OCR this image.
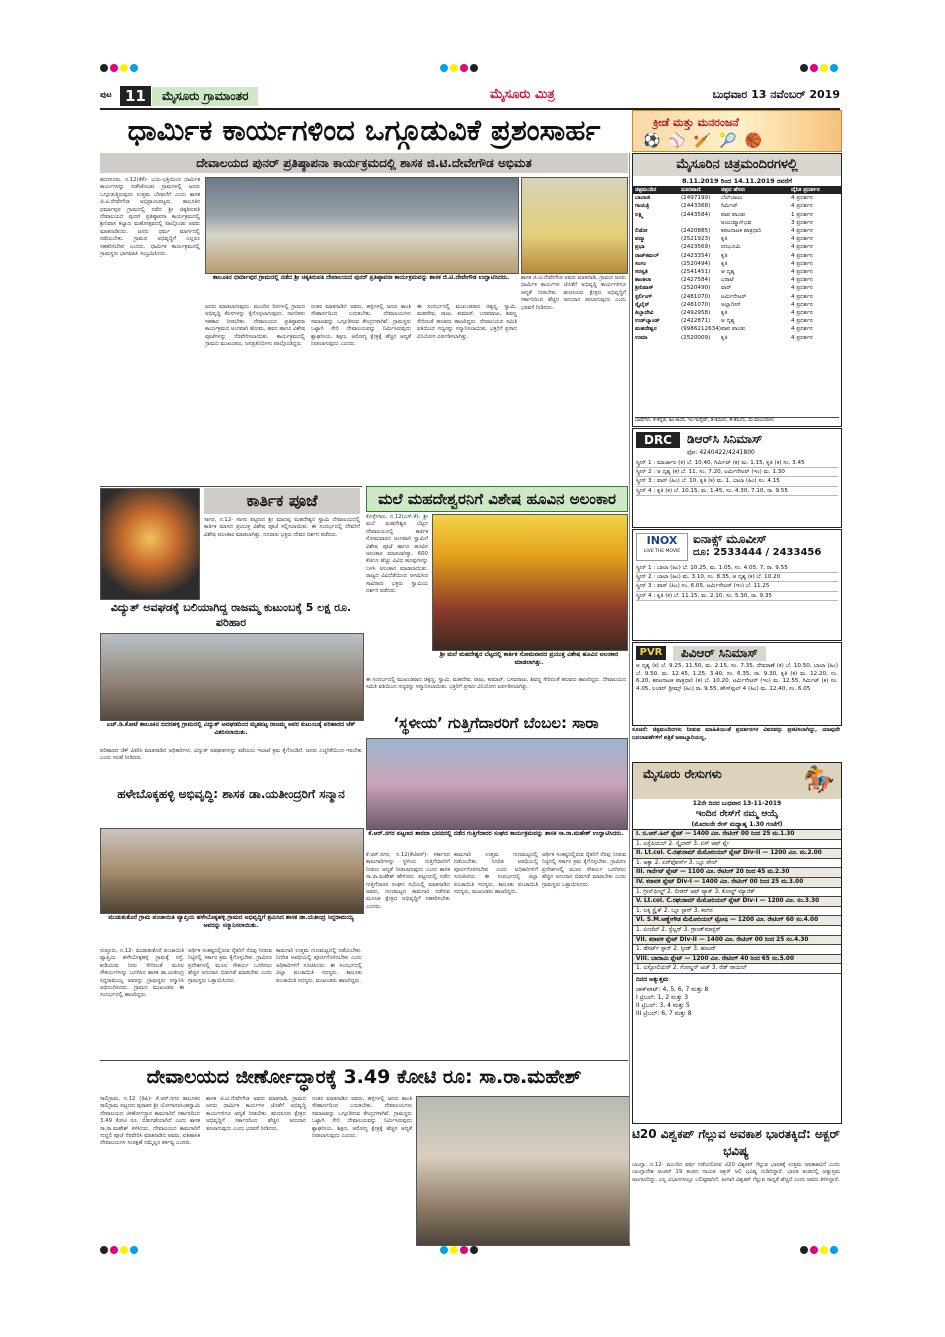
ಪುಟ 11	ಮೈಸೂರು ಗ್ರಾಮಾಂತರ	ಮೈಸೂರು ಮಿತ್ರ	ಬುಧವಾರ 13 ನವೆಂಬರ್ 2019
ಧಾರ್ಮಿಕ ಕಾರ್ಯಗಳಿಂದ ಒಗ್ಗೂಡುವಿಕೆ ಪ್ರಶಂಸಾರ್ಹ	ಕ್ರೀಡೆ ಮತ್ತು ಮನರಂಜನೆ
⚽⚾🏏🎾🏀
ದೇವಾಲಯದ ಪುನರ್ ಪ್ರತಿಷ್ಠಾಪನಾ ಕಾರ್ಯಕ್ರಮದಲ್ಲಿ ಶಾಸಕ ಜಿ.ಟಿ.ದೇವೇಗೌಡ ಅಭಿಮತ
ಹುಣಸೂರು, ನ.12(ಕೆಕೆ)- ಭಯ-ಭಕ್ತಿಯಿಂದ ಧಾರ್ಮಿಕ ಕಾರ್ಯಗಳನ್ನು ನಡೆಸಿಕೊಂಡು ಗ್ರಾಮಗಳಲ್ಲಿ ಜನರು ಒಗ್ಗೂಡುತ್ತಿರುವುದು ಉತ್ತಮ ಬೆಳವಣಿಗೆ ಎಂದು ಶಾಸಕ ಜಿ.ಟಿ.ದೇವೇಗೌಡ ಅಭಿಪ್ರಾಯಪಟ್ಟರು. ತಾಲೂಕಿನ ಧರ್ಮಾಪುರ ಗ್ರಾಮದಲ್ಲಿ ನಡೆದ ಶ್ರೀ ಚಿಕ್ಕತಿರುಪತಿ ದೇವಾಲಯದ ಪುನರ್ ಪ್ರತಿಷ್ಠಾಪನಾ ಕಾರ್ಯಕ್ರಮದಲ್ಲಿ ಶ್ರೀನಿವಾಸ ಕಲ್ಯಾಣ ಮಹೋತ್ಸವದಲ್ಲಿ ಪಾಲ್ಗೊಂಡು ಅವರು ಮಾತನಾಡಿದರು. ಜನರು ಧರ್ಮ ಮಾರ್ಗದಲ್ಲಿ ನಡೆಯಬೇಕು. ಗ್ರಾಮದ ಅಭಿವೃದ್ಧಿಗೆ ಎಲ್ಲರೂ ಸಹಕರಿಸಬೇಕು ಎಂದರು. ಧಾರ್ಮಿಕ ಕಾರ್ಯಕ್ರಮದಲ್ಲಿ ಗ್ರಾಮಸ್ಥರು ಭಾಗವಹಿಸಿ ಸಂಭ್ರಮಿಸಿದರು.
ತಾಲೂಕಿನ ಧರ್ಮಾಪುರ ಗ್ರಾಮದಲ್ಲಿ ನಡೆದ ಶ್ರೀ ಚಿಕ್ಕತಿರುಪತಿ ದೇವಾಲಯದ ಪುನರ್ ಪ್ರತಿಷ್ಠಾಪನಾ ಕಾರ್ಯಕ್ರಮವನ್ನು ಶಾಸಕ ಜಿ.ಟಿ.ದೇವೇಗೌಡ ಉದ್ಘಾಟಿಸಿದರು.
ಜನರು ಮಾಡಲಾಗುವುದು. ಮುಂದಿನ ದಿನಗಳಲ್ಲಿ ಗ್ರಾಮದ ಅಭಿವೃದ್ಧಿ ಕೆಲಸಗಳನ್ನು ಕೈಗೊಳ್ಳಲಾಗುವುದು. ನಾಗರಿಕರು ಸಹಕಾರ ನೀಡಬೇಕು. ದೇವಾಲಯದ ಪ್ರತಿಷ್ಠಾಪನಾ ಕಾರ್ಯಕ್ರಮದ ಅಂಗವಾಗಿ ಹೋಮ, ಹವನ ಹಾಗೂ ವಿಶೇಷ ಪೂಜೆಗಳನ್ನು ನೆರವೇರಿಸಲಾಯಿತು. ಕಾರ್ಯಕ್ರಮದಲ್ಲಿ ಗ್ರಾಮದ ಮುಖಂಡರು, ಜನಪ್ರತಿನಿಧಿಗಳು ಪಾಲ್ಗೊಂಡಿದ್ದರು.
ನಂತರ ಮಾತನಾಡಿದ ಅವರು, ಹಳ್ಳಿಗಳಲ್ಲಿ ಜನರು ಶಾಂತಿ ಸೌಹಾರ್ದದಿಂದ ಬದುಕಬೇಕು. ದೇವಾಲಯಗಳು ಸಮಾಜವನ್ನು ಒಗ್ಗೂಡಿಸುವ ಕೇಂದ್ರಗಳಾಗಿವೆ. ಗ್ರಾಮಸ್ಥರು ಒಟ್ಟಾಗಿ ಸೇರಿ ದೇವಾಲಯವನ್ನು ನಿರ್ಮಿಸಿರುವುದು ಶ್ಲಾಘನೀಯ. ಶಿಕ್ಷಣ, ಆರೋಗ್ಯ ಕ್ಷೇತ್ರಕ್ಕೆ ಹೆಚ್ಚಿನ ಆದ್ಯತೆ ನೀಡಲಾಗುವುದು ಎಂದರು.
ಈ ಸಂದರ್ಭದಲ್ಲಿ ಮುಖಂಡರಾದ ಚಿಕ್ಕಣ್ಣ, ಸ್ವಾಮಿ, ಮಹದೇವ, ರಾಜು, ಕುಮಾರ್, ಬಸವರಾಜು, ಶಿವಣ್ಣ ಸೇರಿದಂತೆ ಹಲವರು ಹಾಜರಿದ್ದರು. ದೇವಾಲಯದ ಸಮಿತಿ ವತಿಯಿಂದ ಗಣ್ಯರನ್ನು ಸನ್ಮಾನಿಸಲಾಯಿತು. ಭಕ್ತರಿಗೆ ಪ್ರಸಾದ ವಿನಿಯೋಗ ಏರ್ಪಡಿಸಲಾಗಿತ್ತು.
ಶಾಸಕ ಜಿ.ಟಿ.ದೇವೇಗೌಡ ಅವರು ಮಾತನಾಡಿ, ಗ್ರಾಮದ ಜನರು ಧಾರ್ಮಿಕ ಕಾರ್ಯಗಳ ಜೊತೆಗೆ ಅಭಿವೃದ್ಧಿ ಕಾರ್ಯಗಳಿಗೂ ಆದ್ಯತೆ ನೀಡಬೇಕು. ಹುಣಸೂರು ಕ್ಷೇತ್ರದ ಅಭಿವೃದ್ಧಿಗೆ ಸರ್ಕಾರದಿಂದ ಹೆಚ್ಚಿನ ಅನುದಾನ ತರಲಾಗುವುದು ಎಂದು ಭರವಸೆ ನೀಡಿದರು.
ಮೈಸೂರಿನ ಚಿತ್ರಮಂದಿರಗಳಲ್ಲಿ
8.11.2019 ರಿಂದ 14.11.2019 ರವರೆಗೆ
ಚಿತ್ರಮಂದಿರ	ದೂರವಾಣಿ	ಚಿತ್ರದ ಹೆಸರು	ದೈನಿಕ ಪ್ರದರ್ಶನ
ಬಾಲಾಜಿ	(2497199)	ಬೆಲ್‌ಬಾಟಂ	4 ಪ್ರದರ್ಶನ
ಗಾಯತ್ರಿ	(2443368)	ಗಿರ್ಮಿಟ್	4 ಪ್ರದರ್ಶನ
ಲಕ್ಷ್ಮಿ	(2443584)	ಪಾಪ ಪಾಂಡು	1 ಪ್ರದರ್ಶನ
ಆಯುಷ್ಮಾನ್‌ಭವ	3 ಪ್ರದರ್ಶನ
ಲಿಡೋ	(2420885)	ಕಪಟನಾಟಕ ಪಾತ್ರಧಾರಿ	4 ಪ್ರದರ್ಶನ
ಪದ್ಮಾ	(2521923)	ಕೃತಿ	4 ಪ್ರದರ್ಶನ
ಪ್ರಭಾ	(2423569)	ರಣಭೂಮಿ	4 ಪ್ರದರ್ಶನ
ರಾಜ್‌ಕಮಲ್	(2423354)	ಕೃತಿ	4 ಪ್ರದರ್ಶನ
ಸಂಗಂ	(2520494)	ಕೃತಿ	4 ಪ್ರದರ್ಶನ
ಸರಸ್ವತಿ	(2541451)	ಆ ದೃಶ್ಯ	4 ಪ್ರದರ್ಶನ
ಶಾಂತಲಾ	(2427584)	ಭರಾಟೆ	4 ಪ್ರದರ್ಶನ
ಶ್ರೀನಿವಾಸ್	(2520490)	ವಾರ್	4 ಪ್ರದರ್ಶನ
ಸ್ಟರ್ಲಿಂಗ್	(2481070)	ಟರ್ಮಿನೇಟರ್	4 ಪ್ರದರ್ಶನ
ಸ್ಕೈಲೈನ್	(2481070)	ಅಲ್ಲಾದೀನ್	4 ಪ್ರದರ್ಶನ
ತಿಬ್ಬಾದೇವಿ	(2492958)	ಕೃತಿ	4 ಪ್ರದರ್ಶನ
ಉಡ್‌ಲ್ಯಾಂಡ್	(2422871)	ಆ ದೃಶ್ಯ	4 ಪ್ರದರ್ಶನ
ಮಹದೇಶ್ವರ	(9986212634) ಪಾಪ ಪಾಂಡು	4 ಪ್ರದರ್ಶನ
ಉಮಾ	(2520009)	ಕೃತಿ	4 ಪ್ರದರ್ಶನ
ಭಾಷೆಗಳು: ಕ-ಕನ್ನಡ, ಹಿಂ-ಹಿಂದಿ, ಇಂ-ಇಂಗ್ಲಿಷ್, ತ-ತಮಿಳು, ತೆ-ತೆಲುಗು, ಮ-ಮಲಯಾಳಂ
DRC	ಡಿಆರ್‌ಸಿ ಸಿನಿಮಾಸ್
ಫೋ: 4240422/4241800
ಸ್ಕ್ರೀನ್ 1 : ಮಾರ್ಜಾಲ (ಕ) ಬೆ. 10.40, ಗಿರ್ಮಿಟ್ (ಕ) ಮ. 1.15, ಕೃತಿ (ಕ) ಸಂ. 3.45
ಸ್ಕ್ರೀನ್ 2 : ಆ ದೃಶ್ಯ (ಕ) ಬೆ. 11, ಸಂ. 7.20, ಟರ್ಮಿನೇಟರ್ (ಇಂ) ಮ. 1.30
ಸ್ಕ್ರೀನ್ 3 : ವಾರ್ (ಹಿಂ) ಬೆ. 10, ಕೃತಿ (ಕ) ಮ. 1, ಬಾಲಾ (ಹಿಂ) ಸಂ. 4.15
ಸ್ಕ್ರೀನ್ 4 : ಕೃತಿ (ಕ) ಬೆ. 10.15, ಮ. 1.45, ಸಂ. 4.30, 7.10, ರಾ. 9.55
INOX
LIVE THE MOVIE
ಐನಾಕ್ಸ್ ಮೂವೀಸ್
ದೂ: 2533444 / 2433456
ಸ್ಕ್ರೀನ್ 1 : ಬಾಲಾ (ಹಿಂ) ಬೆ. 10.25, ಮ. 1.05, ಸಂ. 4.05, 7, ರಾ. 9.55
ಸ್ಕ್ರೀನ್ 2 : ಬಾಲಾ (ಹಿಂ) ಮ. 3.10, ಸಂ. 8.35, ಆ ದೃಶ್ಯ (ಕ) ಬೆ. 10.20
ಸ್ಕ್ರೀನ್ 3 : ವಾರ್ (ಹಿಂ) ಸಂ. 6.05, ಟರ್ಮಿನೇಟರ್ (ಇಂ) ಬೆ. 11.25
ಸ್ಕ್ರೀನ್ 4 : ಕೃತಿ (ಕ) ಬೆ. 11.15, ಮ. 2.10, ಸಂ. 5.30, ರಾ. 9.35
PVR	ಪಿವಿಆರ್ ಸಿನಿಮಾಸ್
ಆ ದೃಶ್ಯ (ಕ) ಬೆ. 9.25, 11.50, ಮ. 2.15, ಸಂ. 7.35, ದೇವರಾಣೆ (ಕ) ಬೆ. 10.50, ಬಾಲಾ (ಹಿಂ) ಬೆ. 9.50, ಮ. 12.45, 1.25, 3.40, ಸಂ. 6.35, ರಾ. 9.30, ಕೃತಿ (ಕ) ಮ. 12.20, ಸಂ. 6.20, ಕಪಟನಾಟಕ ಪಾತ್ರಧಾರಿ (ಕ) ಬೆ. 10.20, ಟರ್ಮಿನೇಟರ್ (ಇಂ) ಮ. 12.55, ಗಿರ್ಮಿಟ್ (ಕ) ಸಂ. 4.05, ಲಂಡನ್ ಡ್ರೀಮ್ಸ್ (ಹಿಂ) ರಾ. 9.55, ಹೌಸ್‌ಫುಲ್ 4 (ಹಿಂ) ಮ. 12.40, ಸಂ. 6.05
ಸೂಚನೆ: ಚಿತ್ರಮಂದಿರಗಳು ನೀಡುವ ಮಾಹಿತಿಯಂತೆ ಪ್ರದರ್ಶನಗಳ ವಿವರವನ್ನು ಪ್ರಕಟಿಸಲಾಗಿದ್ದು, ಯಾವುದೇ ಬದಲಾವಣೆಗಳಿಗೆ ಪತ್ರಿಕೆ ಜವಾಬ್ದಾರಿಯಲ್ಲ.
ಮೈಸೂರು ರೇಸುಗಳು	🏇
12ನೇ ದಿನದ ಬುಧವಾರ 13-11-2019
ಇಂದಿನ ರೇಸ್‌ಗೆ ನಮ್ಮ ಆಯ್ಕೆ
(ಮೊದಲನೇ ರೇಸ್ ಮಧ್ಯಾಹ್ನ 1.30 ಗಂಟೆಗೆ)
I. ಬಿ.ಆರ್.ಹಿಲ್ ಪ್ಲೇಟ್ — 1400 ಮೀ. ರೇಟಿಂಗ್ 00 ರಿಂದ 25 ಮ.1.30
1. ಎಸ್ಪೆಷಿಯಲ್ 2. ಸ್ಕೈಲಾರ್ 3. ಏಸ್ ಆಫ್ ಪ್ಲೇ
II. Lt.col. C.ರಘುರಾಮ್ ಮೆಮೋರಿಯಲ್ ಪ್ಲೇಟ್ Div-II — 1200 ಮೀ. ಮ.2.00
1. ಅಕ್ವಾ 2. ಏರ್‌ಫೋರ್ಸ್ 3. ಬ್ಲೂ ವೇಲ್
III. ಗಾರ್ನೆಟ್ ಪ್ಲೇಟ್ — 1100 ಮೀ. ರೇಟಿಂಗ್ 20 ರಿಂದ 45 ಮ.2.30
IV. ಕರಾವಳಿ ಪ್ಲೇಟ್ Div-I — 1400 ಮೀ. ರೇಟಿಂಗ್ 00 ರಿಂದ 25 ಮ.3.00
1. ಗ್ರೀನ್‌ಫೀಲ್ಡ್ 2. ಲೀಡರ್ ಆಫ್ ಪ್ಯಾಕ್ 3. ಕೋಲ್ಡ್ ಮ್ಯಾಜಿಕ್
V. Lt.col. C.ರಘುರಾಮ್ ಮೆಮೋರಿಯಲ್ ಪ್ಲೇಟ್ Div-I — 1200 ಮೀ. ಸಂ.3.30
1. ಲಕ್ಕಿ ಸ್ಟ್ರೈಕ್ 2. ಬ್ಲೂ ಸ್ಟಾರ್ 3. ಕಂಗನ
VI. S.M.ಅಣ್ಣೇಗೌಡ ಮೆಮೋರಿಯಲ್ ಟ್ರೋಫಿ — 1200 ಮೀ. ರೇಟಿಂಗ್ 60 ಸಂ.4.00
1. ಏಂಜೆಲ್ 2. ಸ್ಟೆಲ್ಲರ್ 3. ಗ್ರಾಂಡ್‌ಮಾಸ್ಟರ್
VII. ಕರಾವಳಿ ಪ್ಲೇಟ್ Div-II — 1400 ಮೀ. ರೇಟಿಂಗ್ 00 ರಿಂದ 25 ಸಂ.4.30
1. ಡೆಸರ್ಟ್ ಸ್ಟಾರ್ 2. ಸ್ಪೀಡ್ 3. ಹಂಟರ್
VIII. ಬಾದಾಮಿ ಪ್ಲೇಟ್ — 1200 ಮೀ. ರೇಟಿಂಗ್ 40 ರಿಂದ 65 ಸಂ.5.00
1. ಎಸ್ಪೋಲಿಯರ್ 2. ಗೋಲ್ಡನ್ ಟಚ್ 3. ರೆಡ್ ರಾಯಲ್
ದಿನದ ಅತ್ಯುತ್ತಮ
ಜಾಕ್‌ಪಾಟ್: 4, 5, 6, 7 ಮತ್ತು 8
I ಟ್ರಿಬಲ್: 1, 2 ಮತ್ತು 3
II ಟ್ರಿಬಲ್: 3, 4 ಮತ್ತು 5
III ಟ್ರಿಬಲ್: 6, 7 ಮತ್ತು 8
ಟಿ20 ವಿಶ್ವಕಪ್ ಗೆಲ್ಲುವ ಅವಕಾಶ ಭಾರತಕ್ಕಿದೆ: ಅಕ್ಬರ್ ಭವಿಷ್ಯ
ಬಾಂಗ್ಲಾ, ನ.12- ಮುಂದಿನ ವರ್ಷ ನಡೆಯಲಿರುವ ಟಿ20 ವಿಶ್ವಕಪ್ ಗೆಲ್ಲುವ ಭಾರತಕ್ಕೆ ಉತ್ತಮ ಅವಕಾಶವಿದೆ ಎಂದು ಬಾಂಗ್ಲಾದೇಶ ಅಂಡರ್ 19 ತಂಡದ ನಾಯಕ ಅಕ್ಬರ್ ಅಲಿ ಭವಿಷ್ಯ ನುಡಿದಿದ್ದಾರೆ. ಭಾರತ ತಂಡದಲ್ಲಿ ಅತ್ಯುತ್ತಮ ಆಟಗಾರರಿದ್ದು, ಎಲ್ಲ ವಿಭಾಗಗಳಲ್ಲೂ ಬಲಿಷ್ಠವಾಗಿದೆ. ಹೀಗಾಗಿ ವಿಶ್ವಕಪ್ ಗೆಲ್ಲುವ ಸಾಧ್ಯತೆ ಹೆಚ್ಚಿದೆ ಎಂದು ಅವರು ತಿಳಿಸಿದ್ದಾರೆ.
ಕಾರ್ತಿಕ ಪೂಜೆ
ಸಾಗರ, ನ.12- ಸಾಗರ ಪಟ್ಟಣದ ಶ್ರೀ ಮಾದಪ್ಪ ಮಹದೇಶ್ವರ ಸ್ವಾಮಿ ದೇವಾಲಯದಲ್ಲಿ ಕಾರ್ತಿಕ ಮಾಸದ ಪ್ರಯುಕ್ತ ವಿಶೇಷ ಪೂಜೆ ಸಲ್ಲಿಸಲಾಯಿತು. ಈ ಸಂದರ್ಭದಲ್ಲಿ ದೇವರಿಗೆ ವಿಶೇಷ ಅಲಂಕಾರ ಮಾಡಲಾಗಿತ್ತು. ನೂರಾರು ಭಕ್ತರು ದೇವರ ದರ್ಶನ ಪಡೆದರು.
ವಿದ್ಯುತ್ ಅವಘಡಕ್ಕೆ ಬಲಿಯಾಗಿದ್ದ ರಾಜಮ್ಮ ಕುಟುಂಬಕ್ಕೆ 5 ಲಕ್ಷ ರೂ. ಪರಿಹಾರ
ಎಚ್.ಡಿ.ಕೋಟೆ ತಾಲೂಕಿನ ಬಿದರಹಳ್ಳಿ ಗ್ರಾಮದಲ್ಲಿ ವಿದ್ಯುತ್ ಅವಘಡದಿಂದ ಮೃತಪಟ್ಟ ರಾಜಮ್ಮ ಅವರ ಕುಟುಂಬಕ್ಕೆ ಪರಿಹಾರದ ಚೆಕ್ ವಿತರಿಸಲಾಯಿತು.
ಮಲೆ ಮಹದೇಶ್ವರನಿಗೆ ವಿಶೇಷ ಹೂವಿನ ಅಲಂಕಾರ
ಕೊಳ್ಳೇಗಾಲ, ನ.12(ಎಸ್.ಕೆ)- ಶ್ರೀ ಮಲೆ ಮಹದೇಶ್ವರ ಬೆಟ್ಟದ ದೇವಾಲಯದಲ್ಲಿ ಕಾರ್ತಿಕ ಸೋಮವಾರದ ಅಂಗವಾಗಿ ಸ್ವಾಮಿಗೆ ವಿಶೇಷ ಪೂಜೆ ಹಾಗೂ ಹೂವಿನ ಅಲಂಕಾರ ಮಾಡಲಾಗಿತ್ತು. 600 ಕೆಜಿಗೂ ಹೆಚ್ಚು ವಿವಿಧ ಹೂವುಗಳನ್ನು ಬಳಸಿ ಅಲಂಕಾರ ಮಾಡಲಾಯಿತು. ರಾಜ್ಯದ ವಿವಿಧೆಡೆಯಿಂದ ಆಗಮಿಸಿದ ಸಾವಿರಾರು ಭಕ್ತರು ಸ್ವಾಮಿಯ ದರ್ಶನ ಪಡೆದರು.
ಶ್ರೀ ಮಲೆ ಮಹದೇಶ್ವರ ಬೆಟ್ಟದಲ್ಲಿ ಕಾರ್ತಿಕ ಸೋಮವಾರದ ಪ್ರಯುಕ್ತ ವಿಶೇಷ ಹೂವಿನ ಅಲಂಕಾರ ಮಾಡಲಾಗಿತ್ತು.
ಈ ಸಂದರ್ಭದಲ್ಲಿ ಮುಖಂಡರಾದ ಚಿಕ್ಕಣ್ಣ, ಸ್ವಾಮಿ, ಮಹದೇವ, ರಾಜು, ಕುಮಾರ್, ಬಸವರಾಜು, ಶಿವಣ್ಣ ಸೇರಿದಂತೆ ಹಲವರು ಹಾಜರಿದ್ದರು. ದೇವಾಲಯದ ಸಮಿತಿ ವತಿಯಿಂದ ಗಣ್ಯರನ್ನು ಸನ್ಮಾನಿಸಲಾಯಿತು. ಭಕ್ತರಿಗೆ ಪ್ರಸಾದ ವಿನಿಯೋಗ ಏರ್ಪಡಿಸಲಾಗಿತ್ತು.
‘ಸ್ಥಳೀಯ’ ಗುತ್ತಿಗೆದಾರರಿಗೆ ಬೆಂಬಲ: ಸಾರಾ
ಕೆ.ಆರ್.ನಗರ ಪಟ್ಟಣದ ಶಾರದಾ ಭವನದಲ್ಲಿ ನಡೆದ ಗುತ್ತಿಗೆದಾರರ ಸಂಘದ ಕಾರ್ಯಕ್ರಮವನ್ನು ಶಾಸಕ ಸಾ.ರಾ.ಮಹೇಶ್ ಉದ್ಘಾಟಿಸಿದರು.
ಕೆ.ಆರ್.ನಗರ, ನ.12(ಕೆಟಿಆರ್)- ಸರ್ಕಾರದ ಕಾಮಗಾರಿಗಳನ್ನು ಸ್ಥಳೀಯ ಗುತ್ತಿಗೆದಾರರಿಗೆ ನೀಡಲು ಆದ್ಯತೆ ನೀಡಲಾಗುವುದು ಎಂದು ಶಾಸಕ ಸಾ.ರಾ.ಮಹೇಶ್ ಹೇಳಿದರು. ಪಟ್ಟಣದಲ್ಲಿ ನಡೆದ ಗುತ್ತಿಗೆದಾರರ ಸಂಘದ ಸಭೆಯಲ್ಲಿ ಮಾತನಾಡಿದ ಅವರು, ಗುಣಮಟ್ಟದ ಕಾಮಗಾರಿ ನಡೆಸುವ ಮೂಲಕ ಕ್ಷೇತ್ರದ ಅಭಿವೃದ್ಧಿಗೆ ಸಹಕರಿಸಬೇಕು ಎಂದರು.
ಕಾಮಗಾರಿ ಉತ್ತಮ ಗುಣಮಟ್ಟದಲ್ಲಿ ನಡೆಯಬೇಕು. ನಿಗದಿತ ಅವಧಿಯಲ್ಲಿ ಪೂರ್ಣಗೊಳಿಸಬೇಕು ಎಂದು ಅಧಿಕಾರಿಗಳಿಗೆ ಸೂಚಿಸಿದರು. ಈ ಸಂದರ್ಭದಲ್ಲಿ ಜಿಲ್ಲಾ ಪಂಚಾಯಿತಿ ಸದಸ್ಯರು, ತಾಲೂಕು ಪಂಚಾಯಿತಿ ಸದಸ್ಯರು, ಮುಖಂಡರು ಹಾಜರಿದ್ದರು.
ಆರ್ಥಿಕ ಸಂಕಷ್ಟದಲ್ಲಿರುವ ರೈತರಿಗೆ ನೆರವು ನೀಡುವ ನಿಟ್ಟಿನಲ್ಲಿ ಸರ್ಕಾರ ಕ್ರಮ ಕೈಗೊಳ್ಳಬೇಕು. ಗ್ರಾಮೀಣ ಪ್ರದೇಶಗಳಲ್ಲಿ ಮೂಲ ಸೌಕರ್ಯ ಒದಗಿಸಲು ಹೆಚ್ಚಿನ ಅನುದಾನ ಬಿಡುಗಡೆ ಮಾಡಬೇಕು ಎಂದು ಗ್ರಾಮಸ್ಥರು ಒತ್ತಾಯಿಸಿದರು.
ಪರಿಹಾರದ ಚೆಕ್ ವಿತರಿಸಿ ಮಾತನಾಡಿದ ಅಧಿಕಾರಿಗಳು, ವಿದ್ಯುತ್ ಅವಘಡಗಳನ್ನು ತಡೆಯಲು ಇಲಾಖೆ ಕ್ರಮ ಕೈಗೊಂಡಿದೆ. ಜನರು ಎಚ್ಚರಿಕೆಯಿಂದ ಇರಬೇಕು ಎಂದು ಸಲಹೆ ನೀಡಿದರು.
ಹಳೇಬೊಕ್ಕಹಳ್ಳಿ ಅಭಿವೃದ್ಧಿ: ಶಾಸಕ ಡಾ.ಯತೀಂದ್ರರಿಗೆ ಸನ್ಮಾನ
ಮುಡುಕುತೊರೆ ಗ್ರಾಮ ಪಂಚಾಯಿತಿ ವ್ಯಾಪ್ತಿಯ ಹಳೇಬೊಕ್ಕಹಳ್ಳಿ ಗ್ರಾಮದ ಅಭಿವೃದ್ಧಿಗೆ ಶ್ರಮಿಸಿದ ಶಾಸಕ ಡಾ.ಯತೀಂದ್ರ ಸಿದ್ದರಾಮಯ್ಯ ಅವರನ್ನು ಸನ್ಮಾನಿಸಲಾಯಿತು.
ಸುತ್ತೂರು, ನ.12- ಮುಡುಕುತೊರೆ ಪಂಚಾಯಿತಿ ವ್ಯಾಪ್ತಿಯ ಹಳೇಬೊಕ್ಕಹಳ್ಳಿ ಗ್ರಾಮಕ್ಕೆ ರಸ್ತೆ, ಕುಡಿಯುವ ನೀರು ಸೇರಿದಂತೆ ಮೂಲ ಸೌಕರ್ಯಗಳನ್ನು ಒದಗಿಸಿದ ಶಾಸಕ ಡಾ.ಯತೀಂದ್ರ ಸಿದ್ದರಾಮಯ್ಯ ಅವರನ್ನು ಗ್ರಾಮಸ್ಥರು ಸನ್ಮಾನಿಸಿ ಅಭಿನಂದಿಸಿದರು. ಗ್ರಾಮದ ಮುಖಂಡರು ಈ ಸಂದರ್ಭದಲ್ಲಿ ಹಾಜರಿದ್ದರು.
ಆರ್ಥಿಕ ಸಂಕಷ್ಟದಲ್ಲಿರುವ ರೈತರಿಗೆ ನೆರವು ನೀಡುವ ನಿಟ್ಟಿನಲ್ಲಿ ಸರ್ಕಾರ ಕ್ರಮ ಕೈಗೊಳ್ಳಬೇಕು. ಗ್ರಾಮೀಣ ಪ್ರದೇಶಗಳಲ್ಲಿ ಮೂಲ ಸೌಕರ್ಯ ಒದಗಿಸಲು ಹೆಚ್ಚಿನ ಅನುದಾನ ಬಿಡುಗಡೆ ಮಾಡಬೇಕು ಎಂದು ಗ್ರಾಮಸ್ಥರು ಒತ್ತಾಯಿಸಿದರು.
ಕಾಮಗಾರಿ ಉತ್ತಮ ಗುಣಮಟ್ಟದಲ್ಲಿ ನಡೆಯಬೇಕು. ನಿಗದಿತ ಅವಧಿಯಲ್ಲಿ ಪೂರ್ಣಗೊಳಿಸಬೇಕು ಎಂದು ಅಧಿಕಾರಿಗಳಿಗೆ ಸೂಚಿಸಿದರು. ಈ ಸಂದರ್ಭದಲ್ಲಿ ಜಿಲ್ಲಾ ಪಂಚಾಯಿತಿ ಸದಸ್ಯರು, ತಾಲೂಕು ಪಂಚಾಯಿತಿ ಸದಸ್ಯರು, ಮುಖಂಡರು ಹಾಜರಿದ್ದರು.
ದೇವಾಲಯದ ಜೀರ್ಣೋದ್ಧಾರಕ್ಕೆ 3.49 ಕೋಟಿ ರೂ: ಸಾ.ರಾ.ಮಹೇಶ್
ಸಾಲಿಗ್ರಾಮ, ನ.12 (ಡಿಪಿ)- ಕೆ.ಆರ್.ನಗರ ತಾಲೂಕಿನ ಸಾಲಿಗ್ರಾಮ ಪಟ್ಟಣದ ಪುರಾತನ ಶ್ರೀ ಯೋಗಾನರಸಿಂಹಸ್ವಾಮಿ ದೇವಾಲಯದ ಜೀರ್ಣೋದ್ಧಾರ ಕಾಮಗಾರಿಗೆ ಸರ್ಕಾರದಿಂದ 3.49 ಕೋಟಿ ರೂ. ಬಿಡುಗಡೆಯಾಗಿದೆ ಎಂದು ಶಾಸಕ ಸಾ.ರಾ.ಮಹೇಶ್ ತಿಳಿಸಿದರು. ದೇವಾಲಯದ ಕಾಮಗಾರಿಗೆ ಗುದ್ದಲಿ ಪೂಜೆ ನೆರವೇರಿಸಿ ಮಾತನಾಡಿದ ಅವರು, ಐತಿಹಾಸಿಕ ದೇವಾಲಯಗಳ ಸಂರಕ್ಷಣೆ ನಮ್ಮೆಲ್ಲರ ಕರ್ತವ್ಯ ಎಂದರು.
ಶಾಸಕ ಜಿ.ಟಿ.ದೇವೇಗೌಡ ಅವರು ಮಾತನಾಡಿ, ಗ್ರಾಮದ ಜನರು ಧಾರ್ಮಿಕ ಕಾರ್ಯಗಳ ಜೊತೆಗೆ ಅಭಿವೃದ್ಧಿ ಕಾರ್ಯಗಳಿಗೂ ಆದ್ಯತೆ ನೀಡಬೇಕು. ಹುಣಸೂರು ಕ್ಷೇತ್ರದ ಅಭಿವೃದ್ಧಿಗೆ ಸರ್ಕಾರದಿಂದ ಹೆಚ್ಚಿನ ಅನುದಾನ ತರಲಾಗುವುದು ಎಂದು ಭರವಸೆ ನೀಡಿದರು.
ನಂತರ ಮಾತನಾಡಿದ ಅವರು, ಹಳ್ಳಿಗಳಲ್ಲಿ ಜನರು ಶಾಂತಿ ಸೌಹಾರ್ದದಿಂದ ಬದುಕಬೇಕು. ದೇವಾಲಯಗಳು ಸಮಾಜವನ್ನು ಒಗ್ಗೂಡಿಸುವ ಕೇಂದ್ರಗಳಾಗಿವೆ. ಗ್ರಾಮಸ್ಥರು ಒಟ್ಟಾಗಿ ಸೇರಿ ದೇವಾಲಯವನ್ನು ನಿರ್ಮಿಸಿರುವುದು ಶ್ಲಾಘನೀಯ. ಶಿಕ್ಷಣ, ಆರೋಗ್ಯ ಕ್ಷೇತ್ರಕ್ಕೆ ಹೆಚ್ಚಿನ ಆದ್ಯತೆ ನೀಡಲಾಗುವುದು ಎಂದರು.
